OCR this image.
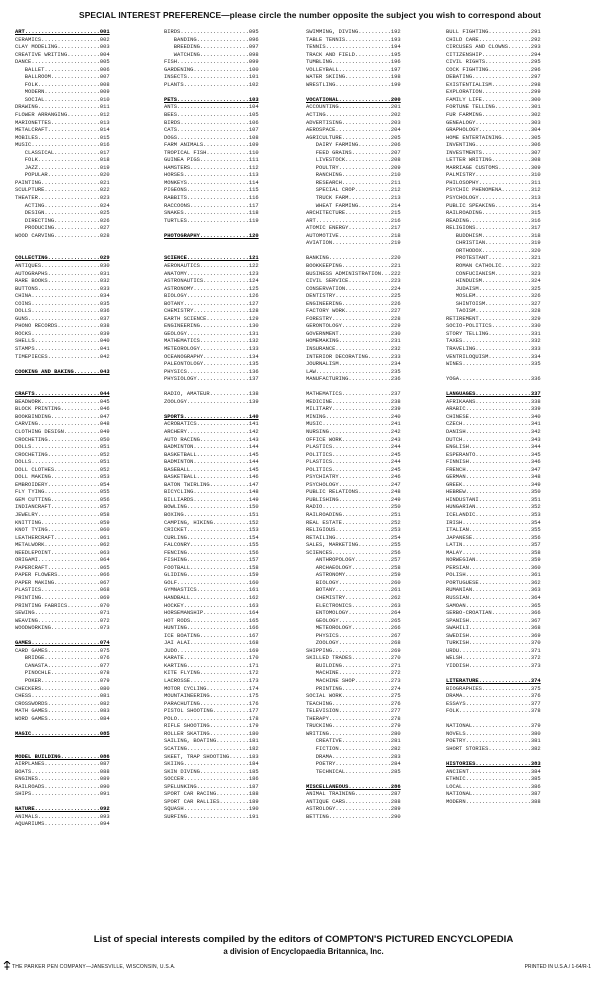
SPECIAL INTEREST PREFERENCE—please circle the number opposite the subject you wish to correspond about
ART.......................001
CERAMICS..................002
CLAY MODELING.............003
CREATIVE WRITING..........004
DANCE.....................005
BALLET.................006
BALLROOM...............007
FOLK...................008
MODERN.................009
SOCIAL.................010
DRAWING...................011
FLOWER ARRANGING..........012
MARIONETTES...............013
METALCRAFT................014
MOBILES...................015
MUSIC.....................016
CLASSICAL..............017
FOLK...................018
JAZZ...................019
POPULAR................020
PAINTING..................021
SCULPTURE.................022
THEATER...................023
ACTING.................024
DESIGN.................025
DIRECTING..............026
PRODUCING..............027
WOOD CARVING..............028
COLLECTING................029
ANTIQUES..................030
AUTOGRAPHS................031
RARE BOOKS................032
BUTTONS...................033
CHINA.....................034
COINS.....................035
DOLLS.....................036
GUNS......................037
PHONO RECORDS.............038
ROCKS.....................039
SHELLS....................040
STAMPS....................041
TIMEPIECES................042
COOKING AND BAKING........043
CRAFTS....................044
BEADWORK..................045
BLOCK PRINTING............046
BOOKBINDING...............047
CARVING...................048
CLOTHING DESIGN...........049
CROCHETING................050
DOLLS.....................051
CROCHETING................052
DOLLS.....................051
DOLL CLOTHES..............052
DOLL MAKING...............053
EMBROIDERY................054
FLY TYING.................055
GEM CUTTING...............056
INDIANCRAFT...............057
JEWELRY...................058
KNITTING..................059
KNOT TYING................060
LEATHERCRAFT..............061
METALWORK.................062
NEEDLEPOINT...............063
ORIGAMI...................064
PAPERCRAFT................065
PAPER FLOWERS.............066
PAPER MAKING..............067
PLASTICS..................068
PRINTING..................069
PRINTING FABRICS..........070
SEWING....................071
WEAVING...................072
WOODWORKING...............073
GAMES.....................074
CARD GAMES................075
BRIDGE.................076
CANASTA................077
PINOCHLE...............078
POKER..................079
CHECKERS..................080
CHESS.....................081
CROSSWORDS................082
MATH GAMES................083
WORD GAMES................084
MAGIC.....................085
MODEL BUILDING............086
AIRPLANES.................087
BOATS.....................088
ENGINES...................089
RAILROADS.................090
SHIPS.....................091
NATURE....................092
ANIMALS...................093
AQUARIUMS.................094
BIRDS.....................095
BANDING................096
BREEDING...............097
WATCHING...............098
FISH......................099
GARDENING.................100
INSECTS...................101
PLANTS....................102
PETS......................103
ANTS......................104
BEES......................105
BIRDS.....................106
CATS......................107
DOGS......................108
FARM ANIMALS..............109
TROPICAL FISH.............110
GUINEA PIGS...............111
HAMSTERS..................112
HORSES....................113
MONKEYS...................114
PIGEONS...................115
RABBITS...................116
RACCOONS..................117
SNAKES....................118
TURTLES...................119
PHOTOGRAPHY...............120
SCIENCE...................121
AERONAUTICS...............122
ANATOMY...................123
ASTRONAUTICS..............124
ASTRONOMY.................125
BIOLOGY...................126
BOTANY....................127
CHEMISTRY.................128
EARTH SCIENCE.............129
ENGINEERING...............130
GEOLOGY...................131
MATHEMATICS...............132
METEOROLOGY...............133
OCEANOGRAPHY..............134
PALEONTOLOGY..............135
PHYSICS...................136
PHYSIOLOGY................137
RADIO, AMATEUR............138
ZOOLOGY...................139
SPORTS....................140
ACROBATICS................141
ARCHERY...................142
AUTO RACING...............143
BADMINTON.................144
BASKETBALL................145
BADMINTON.................144
BASEBALL..................145
BASKETBALL................146
BATON TWIRLING............147
BICYCLING.................148
BILLIARDS.................149
BOWLING...................150
BOXING....................151
CAMPING, HIKING...........152
CRICKET...................153
CURLING...................154
FALCONRY..................155
FENCING...................156
FISHING...................157
FOOTBALL..................158
GLIDING...................159
GOLF......................160
GYMNASTICS................161
HANDBALL..................162
HOCKEY....................163
HORSEMANSHIP..............164
HOT RODS..................165
HUNTING...................166
ICE BOATING...............167
JAI ALAI..................168
JUDO......................169
KARATE....................170
KARTING...................171
KITE FLYING...............172
LACROSSE..................173
MOTOR CYCLING.............174
MOUNTAINEERING............175
PARACHUTING...............176
PISTOL SHOOTING...........177
POLO......................178
RIFLE SHOOTING............179
ROLLER SKATING............180
SAILING, BOATING..........181
SCATING...................182
SKEET, TRAP SHOOTING......183
SKIING....................184
SKIN DIVING...............185
SOCCER....................186
SPELUNKING................187
SPORT CAR RACING..........188
SPORT CAR RALLIES.........189
SQUASH....................190
SURFING...................191
SWIMMING, DIVING..........192
TABLE TENNIS..............193
TENNIS....................194
TRACK AND FIELD...........195
TUMBLING..................196
VOLLEYBALL................197
WATER SKIING..............198
WRESTLING.................199
VOCATIONAL................200
ACCOUNTING................201
ACTING....................202
ADVERTISING...............203
AEROSPACE.................204
AGRICULTURE...............205
DAIRY FARMING..........206
FEED GRAINS............207
LIVESTOCK..............208
POULTRY................209
RANCHING...............210
RESEARCH...............211
SPECIAL CROP...........212
TRUCK FARM.............213
WHEAT FARMING..........214
ARCHITECTURE..............215
ART.......................216
ATOMIC ENERGY.............217
AUTOMOTIVE................218
AVIATION..................219
BANKING...................220
BOOKKEEPING...............221
BUSINESS ADMINISTRATION...222
CIVIL SERVICE.............223
CONSERVATION..............224
DENTISTRY.................225
ENGINEERING...............226
FACTORY WORK..............227
FORESTRY..................228
GERONTOLOGY...............229
GOVERNMENT................230
HOMEMAKING................231
INSURANCE.................232
INTERIOR DECORATING.......233
JOURNALISM................234
LAW.......................235
MANUFACTURING.............236
MATHEMATICS...............237
MEDICINE..................238
MILITARY..................239
MINING....................240
MUSIC.....................241
NURSING...................242
OFFICE WORK...............243
PLASTICS..................244
POLITICS..................245
PLASTICS..................244
POLITICS..................245
PSYCHIATRY................246
PSYCHOLOGY................247
PUBLIC RELATIONS..........248
PUBLISHING................249
RADIO.....................250
RAILROADING...............251
REAL ESTATE...............252
RELIGIOUS.................253
RETAILING.................254
SALES, MARKETING..........255
SCIENCES..................256
ANTHROPOLOGY...........257
ARCHAEOLOGY............258
ASTRONOMY..............259
BIOLOGY................260
BOTANY.................261
CHEMISTRY..............262
ELECTRONICS............263
ENTOMOLOGY.............264
GEOLOGY................265
METEOROLOGY............266
PHYSICS................267
ZOOLOGY................268
SHIPPING..................269
SKILLED TRADES............270
BUILDING...............271
MACHINE................272
MACHINE SHOP...........273
PRINTING...............274
SOCIAL WORK...............275
TEACHING..................276
TELEVISION................277
THERAPY...................278
TRUCKING..................279
WRITING...................280
CREATIVE...............281
FICTION................282
DRAMA..................283
POETRY.................284
TECHNICAL..............285
MISCELLANEOUS.............286
ANIMAL TRAINING...........287
ANTIQUE CARS..............288
ASTROLOGY.................289
BETTING...................290
BULL FIGHTING.............291
CHILD CARE................292
CIRCUSES AND CLOWNS.......293
CITIZENSHIP...............294
CIVIL RIGHTS..............295
COCK FIGHTING.............296
DEBATING..................297
EXISTENTIALISM............298
EXPLORATION...............299
FAMILY LIFE...............300
FORTUNE TELLING...........301
FUR FARMING...............302
GENEALOGY.................303
GRAPHOLOGY................304
HOME ENTERTAINING.........305
INVENTING.................306
INVESTMENTS...............307
LETTER WRITING............308
MARRIAGE CUSTOMS..........309
PALMISTRY.................310
PHILOSOPHY................311
PSYCHIC PHENOMENA.........312
PSYCHOLOGY................313
PUBLIC SPEAKING...........314
RAILROADING...............315
READING...................316
RELIGIONS.................317
BUDDHISM...............318
CHRISTIAN..............319
ORTHODOX...............320
PROTESTANT.............321
ROMAN CATHOLIC.........322
CONFUCIANISM...........323
HINDUISM...............324
JUDAISM................325
MOSLEM.................326
SHINTOISM..............327
TAOISM.................328
RETIREMENT................329
SOCIO-POLITICS............330
STORY TELLING.............331
TAXES.....................332
TRAVELING.................333
VENTRILOQUISM.............334
WINES.....................335
YOGA......................336
LANGUAGES.................337
AFRIKAANS.................338
ARABIC....................339
CHINESE...................340
CZECH.....................341
DANISH....................342
DUTCH.....................343
ENGLISH...................344
ESPERANTO.................345
FINNISH...................346
FRENCH....................347
GERMAN....................348
GREEK.....................349
HEBREW....................350
HINDUSTANI................351
HUNGARIAN.................352
ICELANDIC.................353
IRISH.....................354
ITALIAN...................355
JAPANESE..................356
LATIN.....................357
MALAY.....................358
NORWEGIAN.................359
PERSIAN...................360
POLISH....................361
PORTUGUESE................362
RUMANIAN..................363
RUSSIAN...................364
SAMOAN....................365
SERBO-CROATIAN............366
SPANISH...................367
SWAHILI...................368
SWEDISH...................369
TURKISH...................370
URDU......................371
WELSH.....................372
YIDDISH...................373
LITERATURE................374
BIOGRAPHIES...............375
DRAMA.....................376
ESSAYS....................377
FOLK......................378
NATIONAL..................379
NOVELS....................380
POETRY....................381
SHORT STORIES.............382
HISTORIES.................383
ANCIENT...................384
ETHNIC....................385
LOCAL.....................386
NATIONAL..................387
MODERN....................388
List of special interests compiled by the editors of COMPTON'S PICTURED ENCYCLOPEDIA
a division of Encyclopaedia Britannica, Inc.
THE PARKER PEN COMPANY—JANESVILLE, WISCONSIN, U.S.A.	PRINTED IN U.S.A./ 1-64/R-1
